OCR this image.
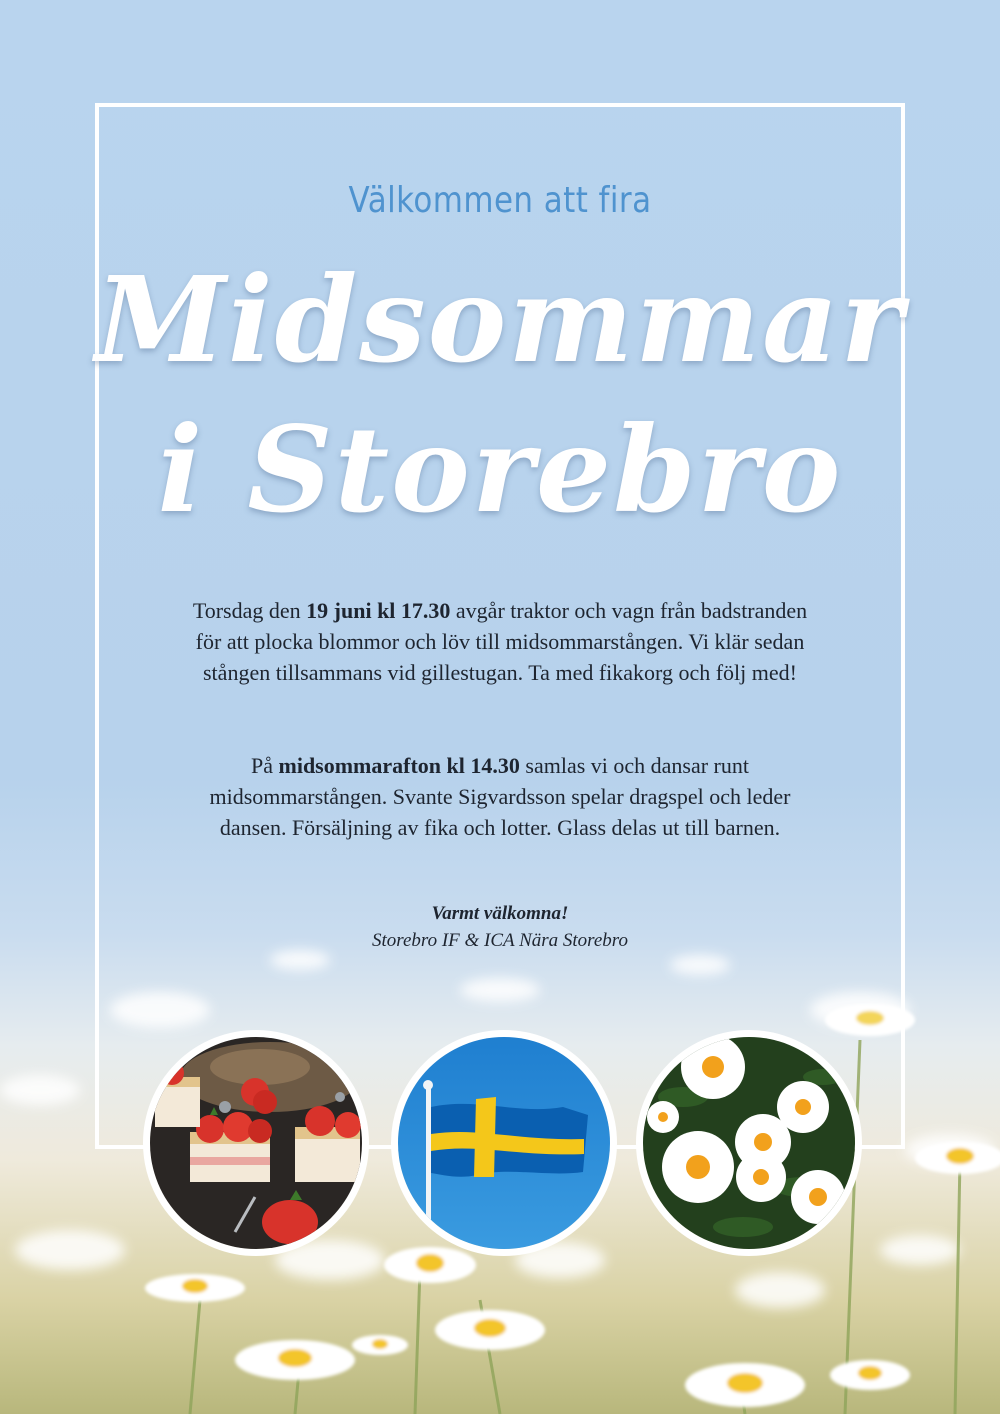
Välkommen att fira
Midsommar
i Storebro
Torsdag den 19 juni kl 17.30 avgår traktor och vagn från badstranden för att plocka blommor och löv till midsommarstången. Vi klär sedan stången tillsammans vid gillestugan. Ta med fikakorg och följ med!
På midsommarafton kl 14.30 samlas vi och dansar runt midsommarstången. Svante Sigvardsson spelar dragspel och leder dansen. Försäljning av fika och lotter. Glass delas ut till barnen.
Varmt välkomna!
Storebro IF & ICA Nära Storebro
